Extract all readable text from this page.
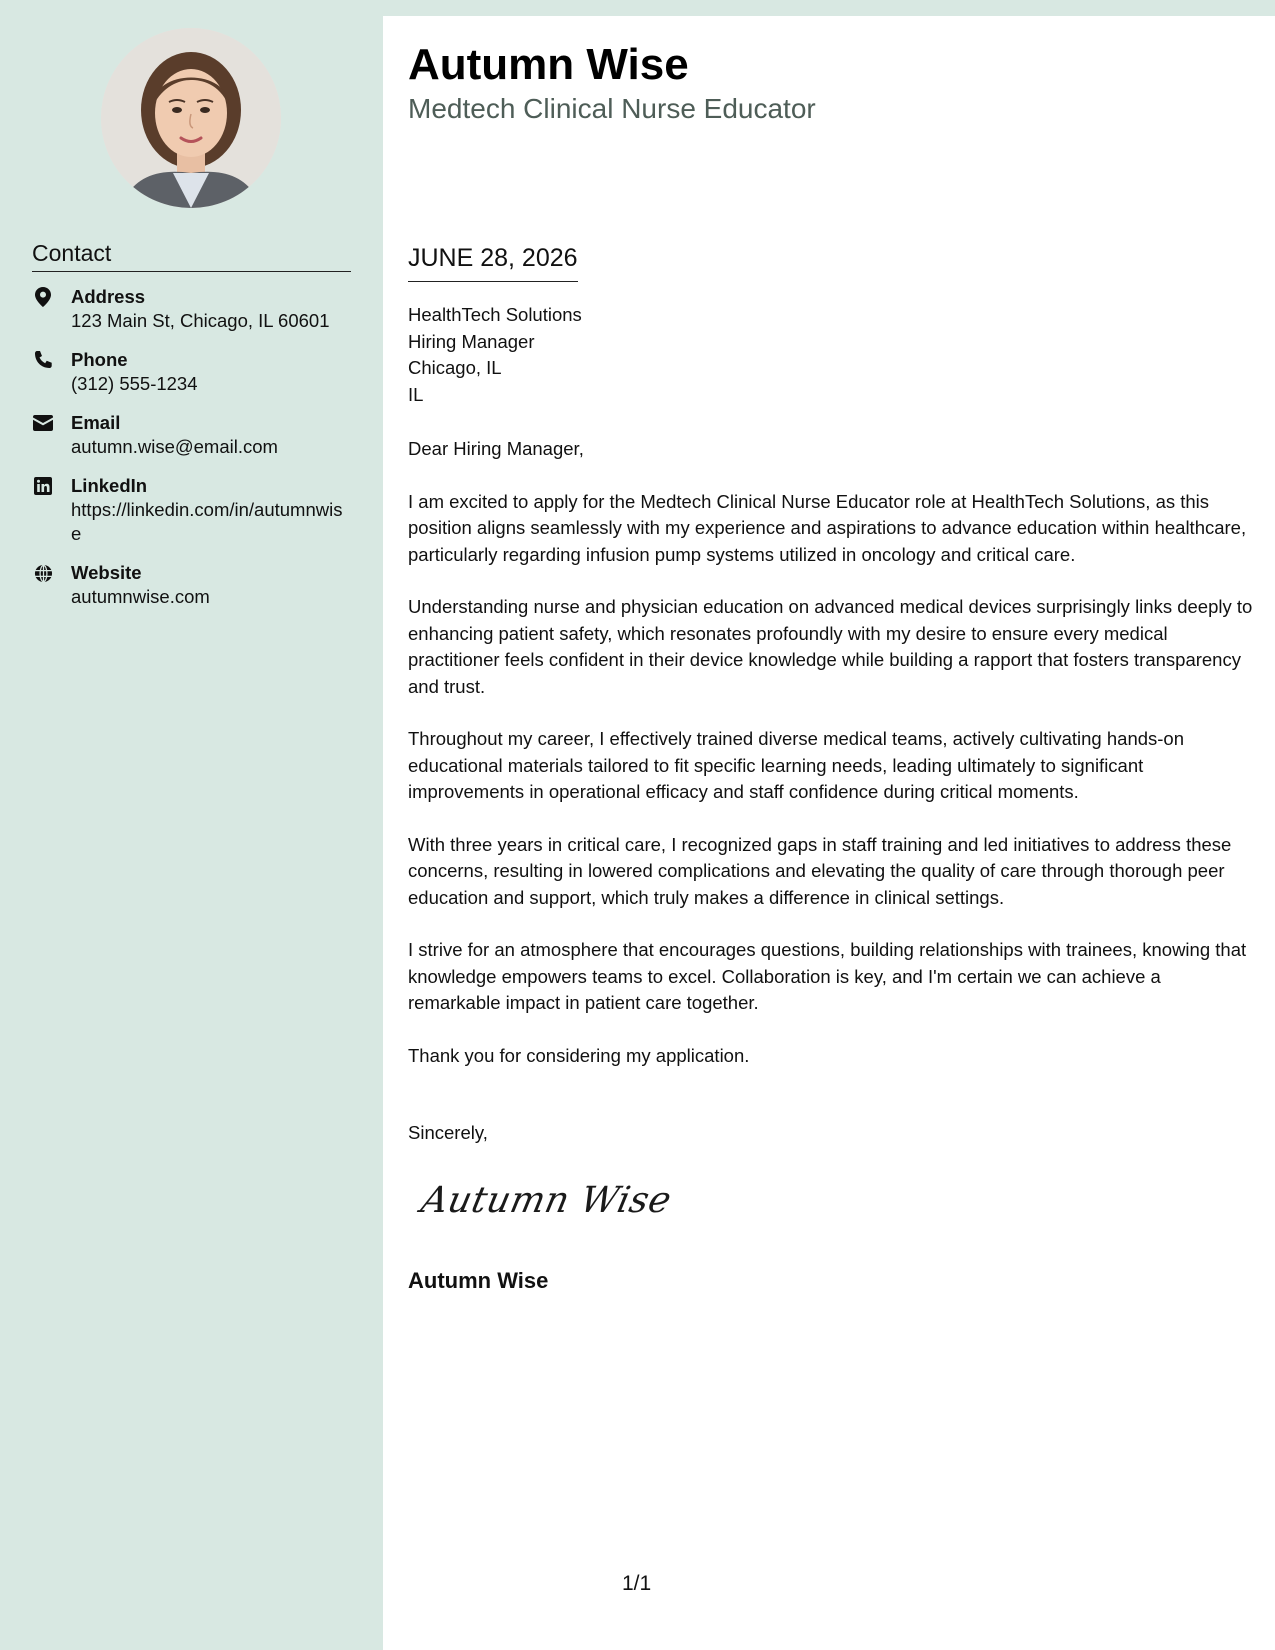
Contact
Address
123 Main St, Chicago, IL 60601
Phone
(312) 555-1234
Email
autumn.wise@email.com
LinkedIn
https://linkedin.com/in/autumnwise
Website
autumnwise.com
Autumn Wise
Medtech Clinical Nurse Educator
JUNE 28, 2026
HealthTech Solutions
Hiring Manager
Chicago, IL
IL

Dear Hiring Manager,

I am excited to apply for the Medtech Clinical Nurse Educator role at HealthTech Solutions, as this position aligns seamlessly with my experience and aspirations to advance education within healthcare, particularly regarding infusion pump systems utilized in oncology and critical care.

Understanding nurse and physician education on advanced medical devices surprisingly links deeply to enhancing patient safety, which resonates profoundly with my desire to ensure every medical practitioner feels confident in their device knowledge while building a rapport that fosters transparency and trust.

Throughout my career, I effectively trained diverse medical teams, actively cultivating hands-on educational materials tailored to fit specific learning needs, leading ultimately to significant improvements in operational efficacy and staff confidence during critical moments.

With three years in critical care, I recognized gaps in staff training and led initiatives to address these concerns, resulting in lowered complications and elevating the quality of care through thorough peer education and support, which truly makes a difference in clinical settings.

I strive for an atmosphere that encourages questions, building relationships with trainees, knowing that knowledge empowers teams to excel. Collaboration is key, and I'm certain we can achieve a remarkable impact in patient care together.

Thank you for considering my application.

Sincerely,
Autumn Wise
Autumn Wise
1/1
